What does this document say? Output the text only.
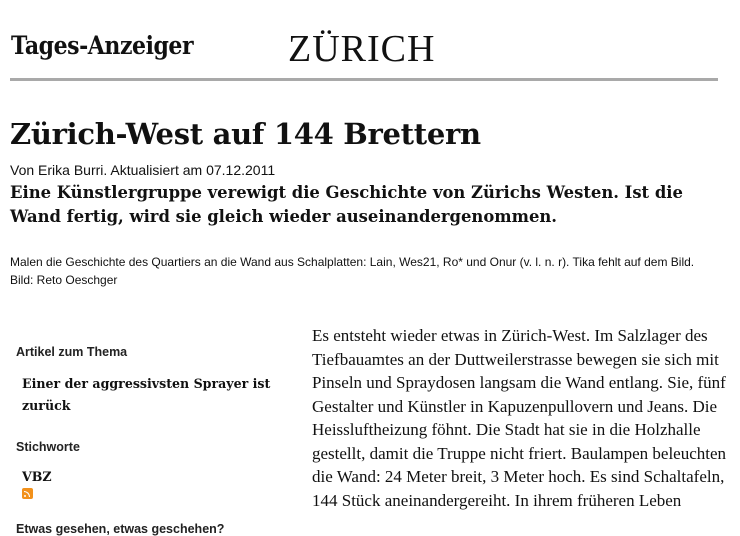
Tages-Anzeiger ZÜRICH
Zürich-West auf 144 Brettern
Von Erika Burri. Aktualisiert am 07.12.2011
Eine Künstlergruppe verewigt die Geschichte von Zürichs Westen. Ist die Wand fertig, wird sie gleich wieder auseinandergenommen.
Malen die Geschichte des Quartiers an die Wand aus Schalplatten: Lain, Wes21, Ro* und Onur (v. l. n. r). Tika fehlt auf dem Bild.
Bild: Reto Oeschger
Artikel zum Thema
Einer der aggressivsten Sprayer ist zurück
Stichworte
VBZ
Etwas gesehen, etwas geschehen?

Es entsteht wieder etwas in Zürich-West. Im Salzlager des Tiefbauamtes an der Duttweilerstrasse bewegen sie sich mit Pinseln und Spraydosen langsam die Wand entlang. Sie, fünf Gestalter und Künstler in Kapuzenpullovern und Jeans. Die Heissluftheizung föhnt. Die Stadt hat sie in die Holzhalle gestellt, damit die Truppe nicht friert. Baulampen beleuchten die Wand: 24 Meter breit, 3 Meter hoch. Es sind Schaltafeln, 144 Stück aneinandergereiht. In ihrem früheren Leben
